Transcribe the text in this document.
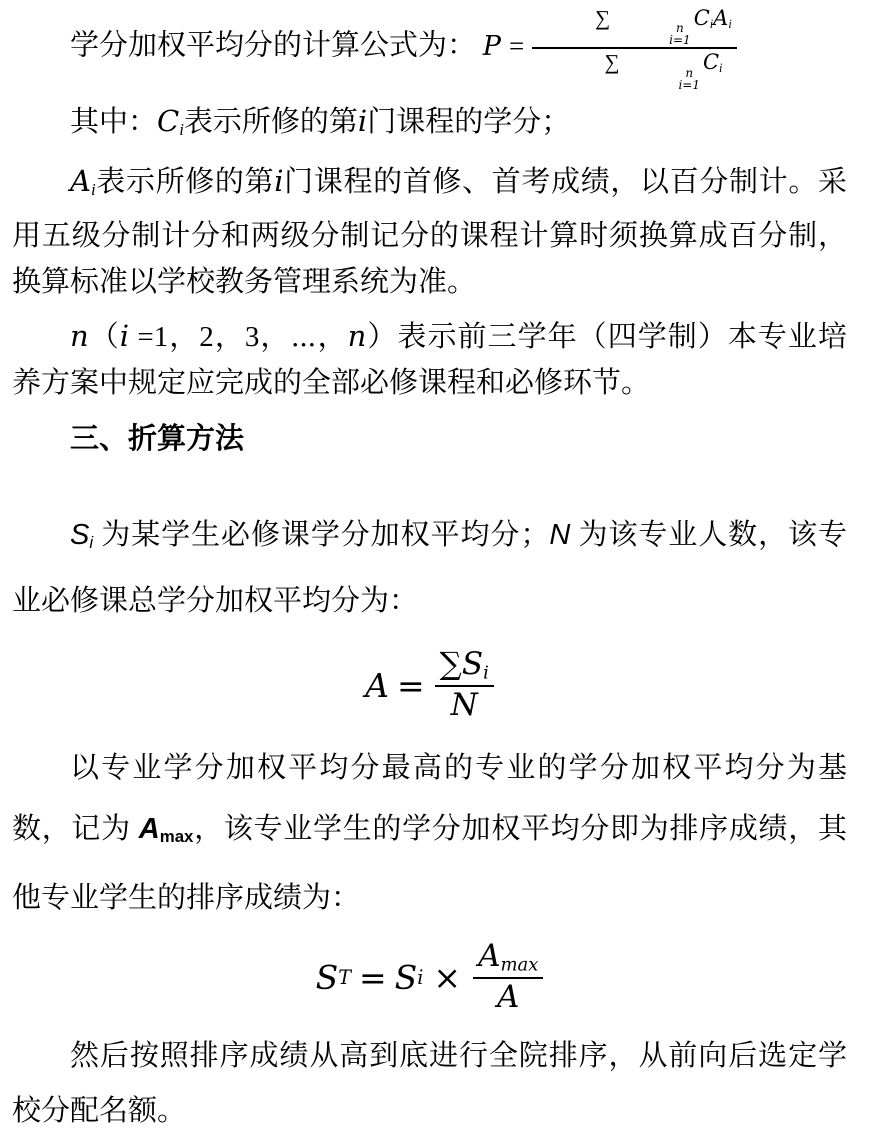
学分加权平均分的计算公式为： P = ∑	n
i=1
CiAi
∑	n
i=1
Ci

其中：Ci表示所修的第i门课程的学分；

Ai表示所修的第i门课程的首修、首考成绩，以百分制计。采用五级分制计分和两级分制记分的课程计算时须换算成百分制，换算标准以学校教务管理系统为准。

n（i =1，2，3，⋯，n）表示前三学年（四学制）本专业培养方案中规定应完成的全部必修课程和必修环节。

三、折算方法

Si 为某学生必修课学分加权平均分；N 为该专业人数，该专业必修课总学分加权平均分为：

$A = \frac{\sum Si}{N}$

以专业学分加权平均分最高的专业的学分加权平均分为基数，记为 Amax，该专业学生的学分加权平均分即为排序成绩，其他专业学生的排序成绩为：

S T = S $i \times \frac{Amax}{A}$

然后按照排序成绩从高到底进行全院排序，从前向后选定学校分配名额。
